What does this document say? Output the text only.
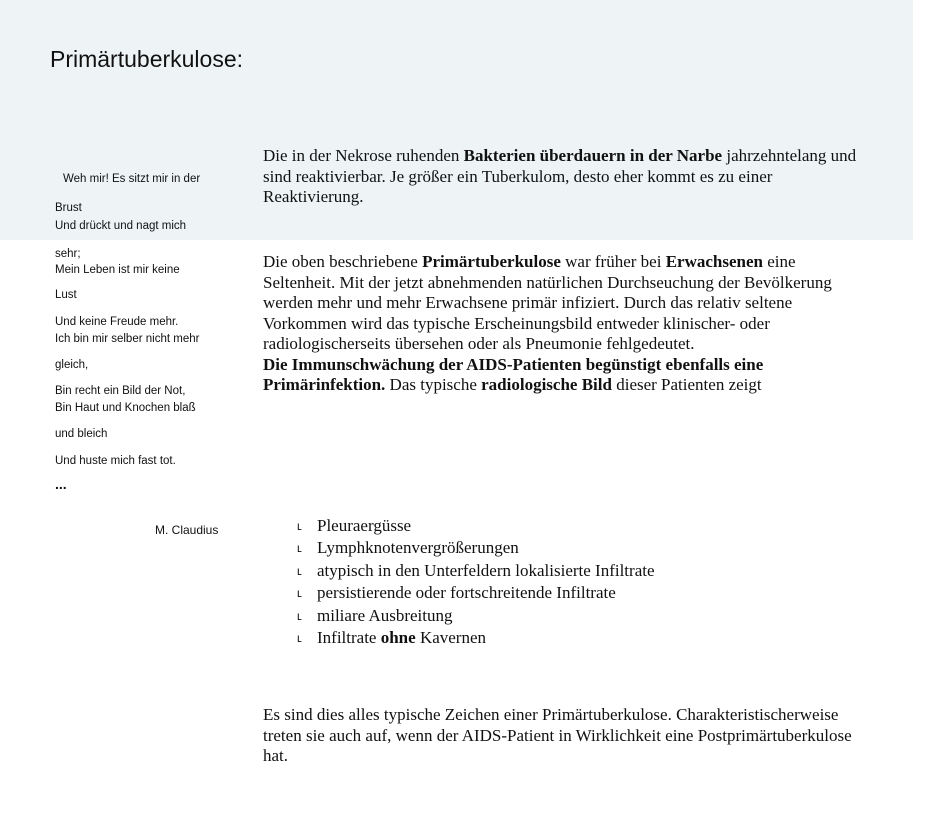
Primärtuberkulose:
Weh mir! Es sitzt mir in der
Brust
Und drückt und nagt mich
sehr;
Mein Leben ist mir keine
Lust
Und keine Freude mehr.
Ich bin mir selber nicht mehr
gleich,
Bin recht ein Bild der Not,
Bin Haut und Knochen blaß
und bleich
Und huste mich fast tot.
...
M. Claudius

Die in der Nekrose ruhenden Bakterien überdauern in der Narbe jahrzehntelang und sind reaktivierbar. Je größer ein Tuberkulom, desto eher kommt es zu einer Reaktivierung.

Die oben beschriebene Primärtuberkulose war früher bei Erwachsenen eine Seltenheit. Mit der jetzt abnehmenden natürlichen Durchseuchung der Bevölkerung werden mehr und mehr Erwachsene primär infiziert. Durch das relativ seltene Vorkommen wird das typische Erscheinungsbild entweder klinischer- oder radiologischerseits übersehen oder als Pneumonie fehlgedeutet.
Die Immunschwächung der AIDS-Patienten begünstigt ebenfalls eine Primärinfektion. Das typische radiologische Bild dieser Patienten zeigt

ʟ Pleuraergüsse
ʟ Lymphknotenvergrößerungen
ʟ atypisch in den Unterfeldern lokalisierte Infiltrate
ʟ persistierende oder fortschreitende Infiltrate
ʟ miliare Ausbreitung
ʟ Infiltrate ohne Kavernen

Es sind dies alles typische Zeichen einer Primärtuberkulose. Charakteristischerweise treten sie auch auf, wenn der AIDS-Patient in Wirklichkeit eine Postprimärtuberkulose hat.
